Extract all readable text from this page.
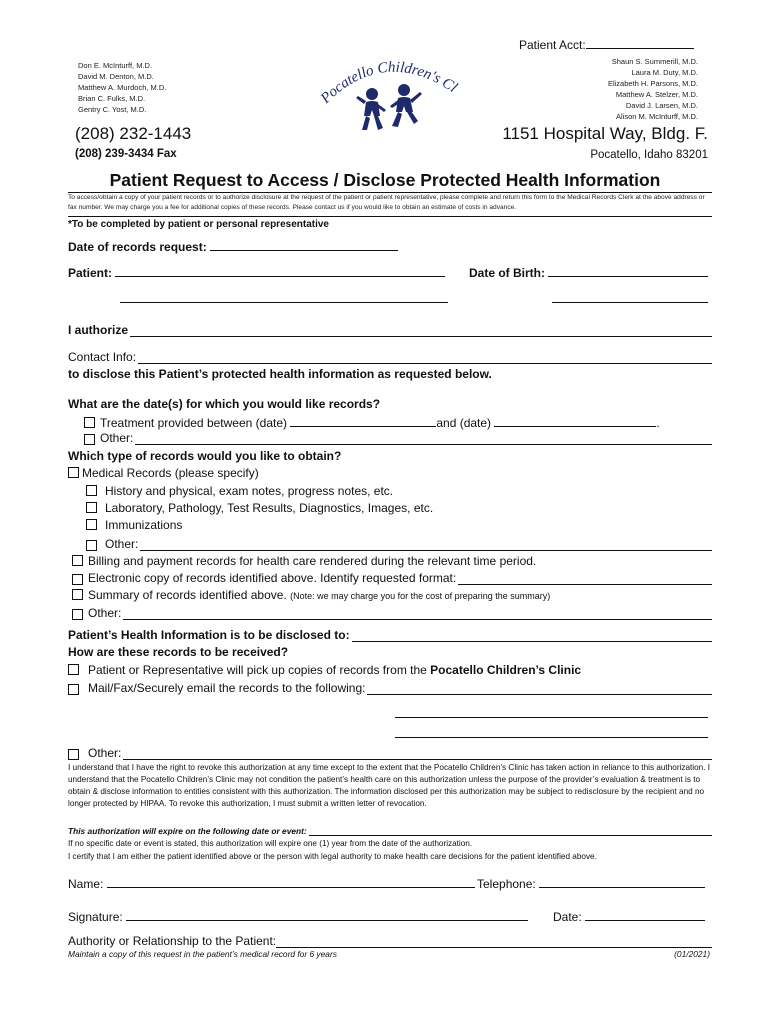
Patient Acct:
Don E. McInturff, M.D.
David M. Denton, M.D.
Matthew A. Murdoch, M.D.
Brian C. Fulks, M.D.
Gentry C. Yost, M.D.
Shaun S. Summerill, M.D.
Laura M. Duty, M.D.
Elizabeth H. Parsons, M.D.
Matthew A. Stelzer, M.D.
David J. Larsen, M.D.
Alison M. McInturff, M.D.
Pocatello Children's Cl
(208) 232-1443
(208) 239-3434 Fax
1151 Hospital Way, Bldg. F.
Pocatello, Idaho 83201
Patient Request to Access / Disclose Protected Health Information
To access/obtain a copy of your patient records or to authorize disclosure at the request of the patient or patient representative, please complete and return this form to the Medical Records Clerk at the above address or fax number. We may charge you a fee for additional copies of these records. Please contact us if you would like to obtain an estimate of costs in advance.
*To be completed by patient or personal representative
Date of records request:
Patient:	Date of Birth:
I authorize
Contact Info:
to disclose this Patient’s protected health information as requested below.
What are the date(s) for which you would like records?
Treatment provided between (date)	and (date)	.
Other:
Which type of records would you like to obtain?
Medical Records (please specify)
History and physical, exam notes, progress notes, etc.
Laboratory, Pathology, Test Results, Diagnostics, Images, etc.
Immunizations
Other:
Billing and payment records for health care rendered during the relevant time period.
Electronic copy of records identified above. Identify requested format:
Summary of records identified above. (Note: we may charge you for the cost of preparing the summary)
Other:
Patient’s Health Information is to be disclosed to:
How are these records to be received?
Patient or Representative will pick up copies of records from the Pocatello Children’s Clinic
Mail/Fax/Securely email the records to the following:
Other:
I understand that I have the right to revoke this authorization at any time except to the extent that the Pocatello Children’s Clinic has taken action in reliance to this authorization. I understand that the Pocatello Children’s Clinic may not condition the patient’s health care on this authorization unless the purpose of the provider’s evaluation & treatment is to obtain & disclose information to entities consistent with this authorization. The information disclosed per this authorization may be subject to redisclosure by the recipient and no longer protected by HIPAA. To revoke this authorization, I must submit a written letter of revocation.
This authorization will expire on the following date or event:
If no specific date or event is stated, this authorization will expire one (1) year from the date of the authorization.
I certify that I am either the patient identified above or the person with legal authority to make health care decisions for the patient identified above.
Name:	Telephone:
Signature:	Date:
Authority or Relationship to the Patient:
Maintain a copy of this request in the patient’s medical record for 6 years	(01/2021)
